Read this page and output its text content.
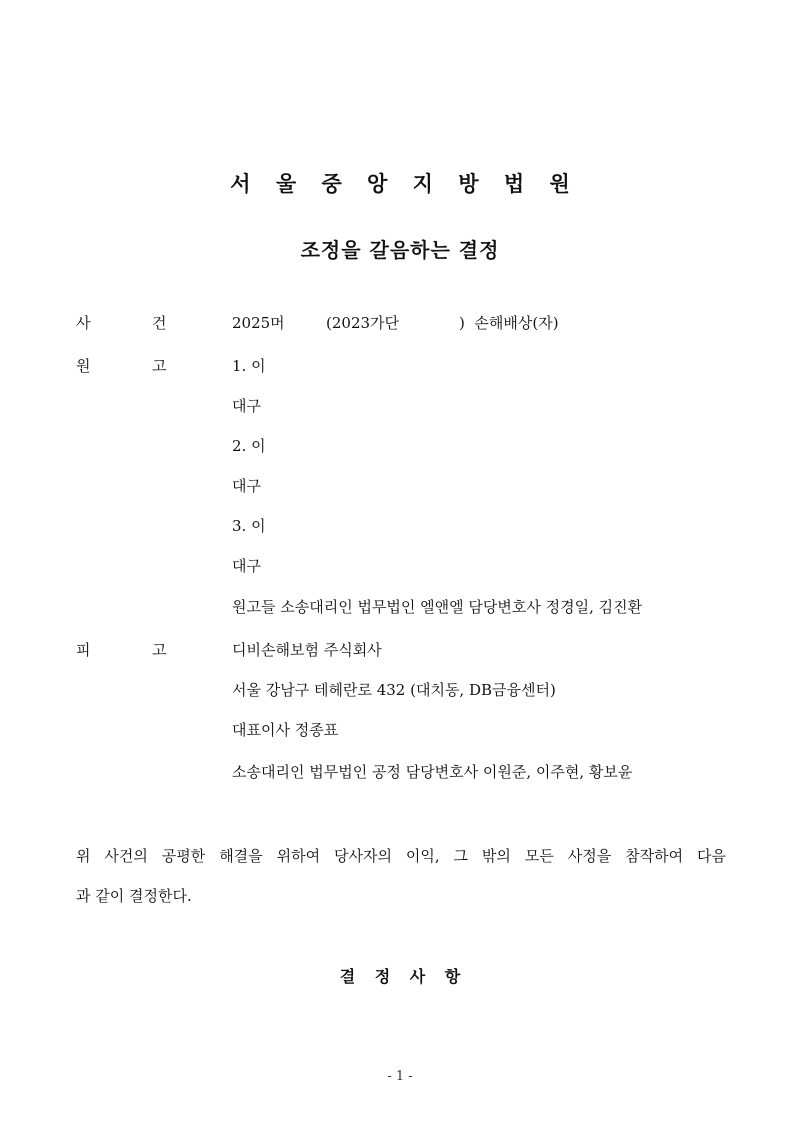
서 울 중 앙 지 방 법 원
조정을 갈음하는 결정
사	건	2025머	(2023가단	) 손해배상(자)
원	고	1. 이
대구
2. 이
대구
3. 이
대구
원고들 소송대리인 법무법인 엘앤엘 담당변호사 정경일, 김진환
피	고	디비손해보험 주식회사
서울 강남구 테헤란로 432 (대치동, DB금융센터)
대표이사 정종표
소송대리인 법무법인 공정 담당변호사 이원준, 이주현, 황보윤
위 사건의 공평한 해결을 위하여 당사자의 이익, 그 밖의 모든 사정을 참작하여 다음
과 같이 결정한다.
결 정 사 항
- 1 -
